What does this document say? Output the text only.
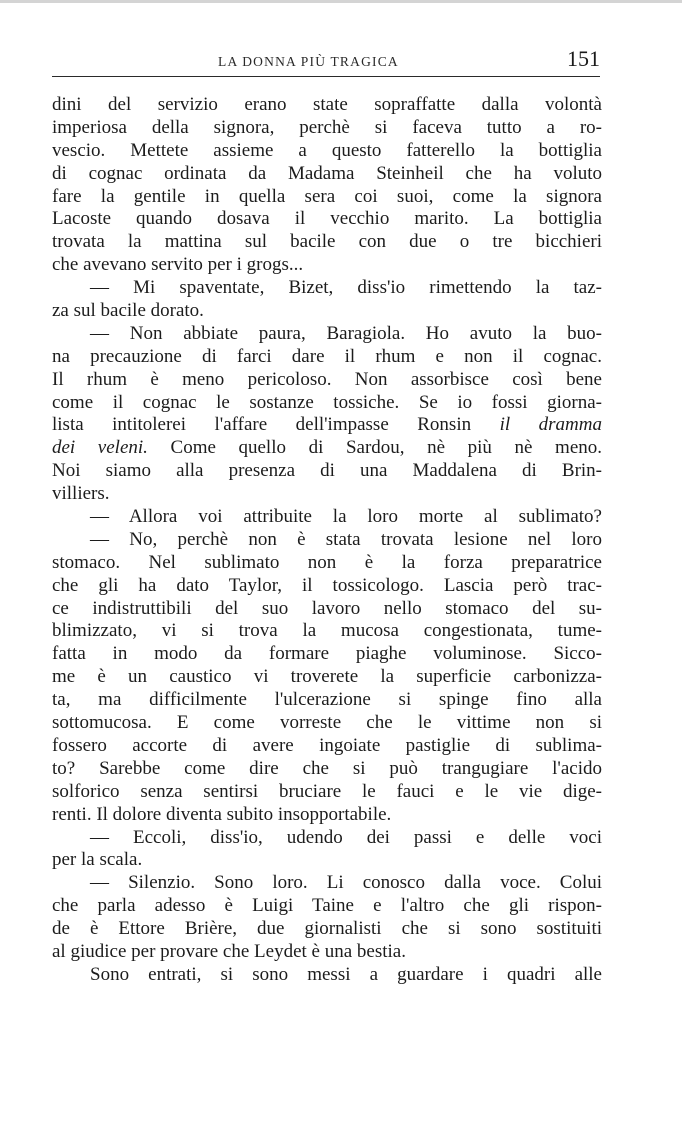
LA DONNA PIÙ TRAGICA	151
dini del servizio erano state sopraffatte dalla volontà
imperiosa della signora, perchè si faceva tutto a ro-
vescio. Mettete assieme a questo fatterello la bottiglia
di cognac ordinata da Madama Steinheil che ha voluto
fare la gentile in quella sera coi suoi, come la signora
Lacoste quando dosava il vecchio marito. La bottiglia
trovata la mattina sul bacile con due o tre bicchieri
che avevano servito per i grogs...
— Mi spaventate, Bizet, diss'io rimettendo la taz-
za sul bacile dorato.
— Non abbiate paura, Baragiola. Ho avuto la buo-
na precauzione di farci dare il rhum e non il cognac.
Il rhum è meno pericoloso. Non assorbisce così bene
come il cognac le sostanze tossiche. Se io fossi giorna-
lista intitolerei l'affare dell'impasse Ronsin il dramma
dei veleni. Come quello di Sardou, nè più nè meno.
Noi siamo alla presenza di una Maddalena di Brin-
villiers.
— Allora voi attribuite la loro morte al sublimato?
— No, perchè non è stata trovata lesione nel loro
stomaco. Nel sublimato non è la forza preparatrice
che gli ha dato Taylor, il tossicologo. Lascia però trac-
ce indistruttibili del suo lavoro nello stomaco del su-
blimizzato, vi si trova la mucosa congestionata, tume-
fatta in modo da formare piaghe voluminose. Sicco-
me è un caustico vi troverete la superficie carbonizza-
ta, ma difficilmente l'ulcerazione si spinge fino alla
sottomucosa. E come vorreste che le vittime non si
fossero accorte di avere ingoiate pastiglie di sublima-
to? Sarebbe come dire che si può trangugiare l'acido
solforico senza sentirsi bruciare le fauci e le vie dige-
renti. Il dolore diventa subito insopportabile.
— Eccoli, diss'io, udendo dei passi e delle voci
per la scala.
— Silenzio. Sono loro. Li conosco dalla voce. Colui
che parla adesso è Luigi Taine e l'altro che gli rispon-
de è Ettore Brière, due giornalisti che si sono sostituiti
al giudice per provare che Leydet è una bestia.
Sono entrati, si sono messi a guardare i quadri alle
